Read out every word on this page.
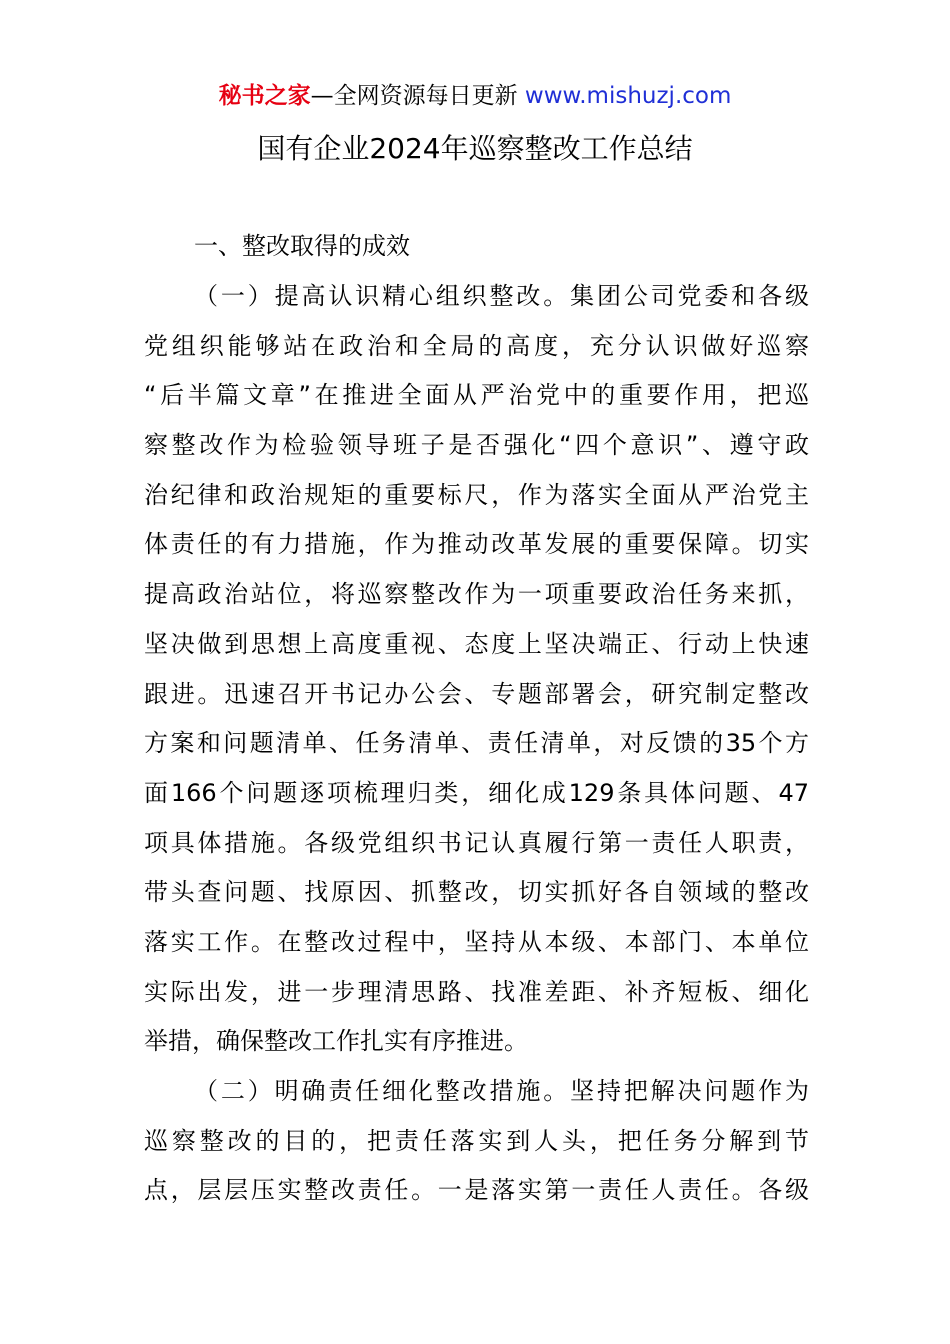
秘书之家—全网资源每日更新 www.mishuzj.com
国有企业2024年巡察整改工作总结
一、整改取得的成效
（一）提高认识精心组织整改。集团公司党委和各级
党组织能够站在政治和全局的高度，充分认识做好巡察
“后半篇文章”在推进全面从严治党中的重要作用，把巡
察整改作为检验领导班子是否强化“四个意识”、遵守政
治纪律和政治规矩的重要标尺，作为落实全面从严治党主
体责任的有力措施，作为推动改革发展的重要保障。切实
提高政治站位，将巡察整改作为一项重要政治任务来抓，
坚决做到思想上高度重视、态度上坚决端正、行动上快速
跟进。迅速召开书记办公会、专题部署会，研究制定整改
方案和问题清单、任务清单、责任清单，对反馈的35个方
面166个问题逐项梳理归类，细化成129条具体问题、47
项具体措施。各级党组织书记认真履行第一责任人职责，
带头查问题、找原因、抓整改，切实抓好各自领域的整改
落实工作。在整改过程中，坚持从本级、本部门、本单位
实际出发，进一步理清思路、找准差距、补齐短板、细化
举措，确保整改工作扎实有序推进。
（二）明确责任细化整改措施。坚持把解决问题作为
巡察整改的目的，把责任落实到人头，把任务分解到节
点，层层压实整改责任。一是落实第一责任人责任。各级
